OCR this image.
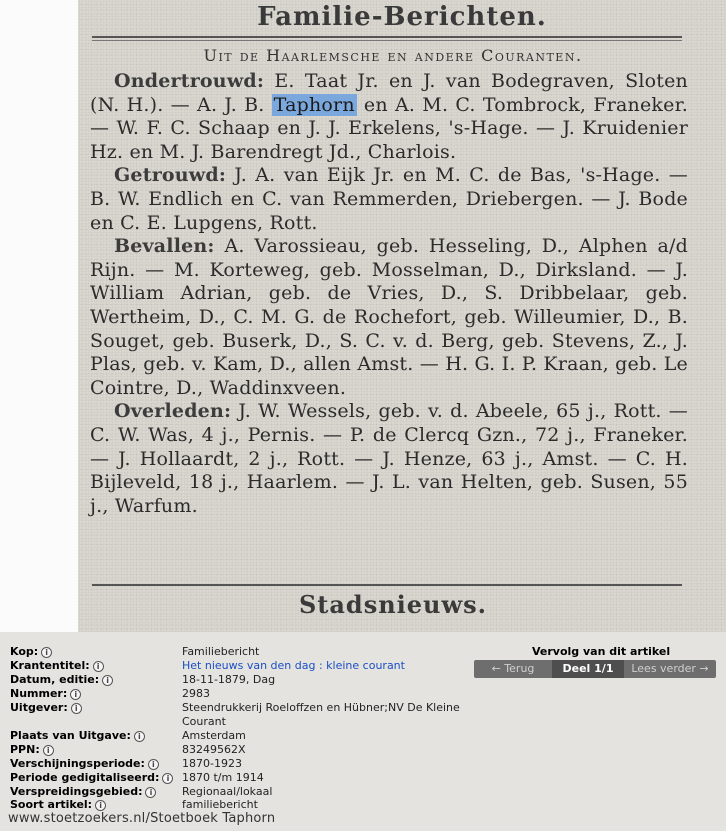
Familie-Berichten.
Uit de Haarlemsche en andere Couranten.

Ondertrouwd: E. Taat Jr. en J. van Bodegraven, Sloten (N. H.). — A. J. B. Taphorn en A. M. C. Tombrock, Franeker. — W. F. C. Schaap en J. J. Erkelens, 's-Hage. — J. Kruidenier Hz. en M. J. Barendregt Jd., Charlois.

Getrouwd: J. A. van Eijk Jr. en M. C. de Bas, 's-Hage. — B. W. Endlich en C. van Remmerden, Driebergen. — J. Bode en C. E. Lupgens, Rott.

Bevallen: A. Varossieau, geb. Hesseling, D., Alphen a/d Rijn. — M. Korteweg, geb. Mosselman, D., Dirksland. — J. William Adrian, geb. de Vries, D., S. Dribbelaar, geb. Wertheim, D., C. M. G. de Rochefort, geb. Willeumier, D., B. Souget, geb. Buserk, D., S. C. v. d. Berg, geb. Stevens, Z., J. Plas, geb. v. Kam, D., allen Amst. — H. G. I. P. Kraan, geb. Le Cointre, D., Waddinxveen.

Overleden: J. W. Wessels, geb. v. d. Abeele, 65 j., Rott. — C. W. Was, 4 j., Pernis. — P. de Clercq Gzn., 72 j., Franeker. — J. Hollaardt, 2 j., Rott. — J. Henze, 63 j., Amst. — C. H. Bijleveld, 18 j., Haarlem. — J. L. van Helten, geb. Susen, 55 j., Warfum.

Stadsnieuws.
Kop: i	Familiebericht
Krantentitel: i	Het nieuws van den dag : kleine courant
Datum, editie: i	18-11-1879, Dag
Nummer: i	2983
Uitgever: i	Steendrukkerij Roeloffzen en Hübner;NV De Kleine
Courant
Plaats van Uitgave: i	Amsterdam
PPN: i	83249562X
Verschijningsperiode: i	1870-1923
Periode gedigitaliseerd: i	1870 t/m 1914
Verspreidingsgebied: i	Regionaal/lokaal
Soort artikel: i	familiebericht
Vervolg van dit artikel
← Terug	Deel 1/1	Lees verder →
www.stoetzoekers.nl/Stoetboek Taphorn
